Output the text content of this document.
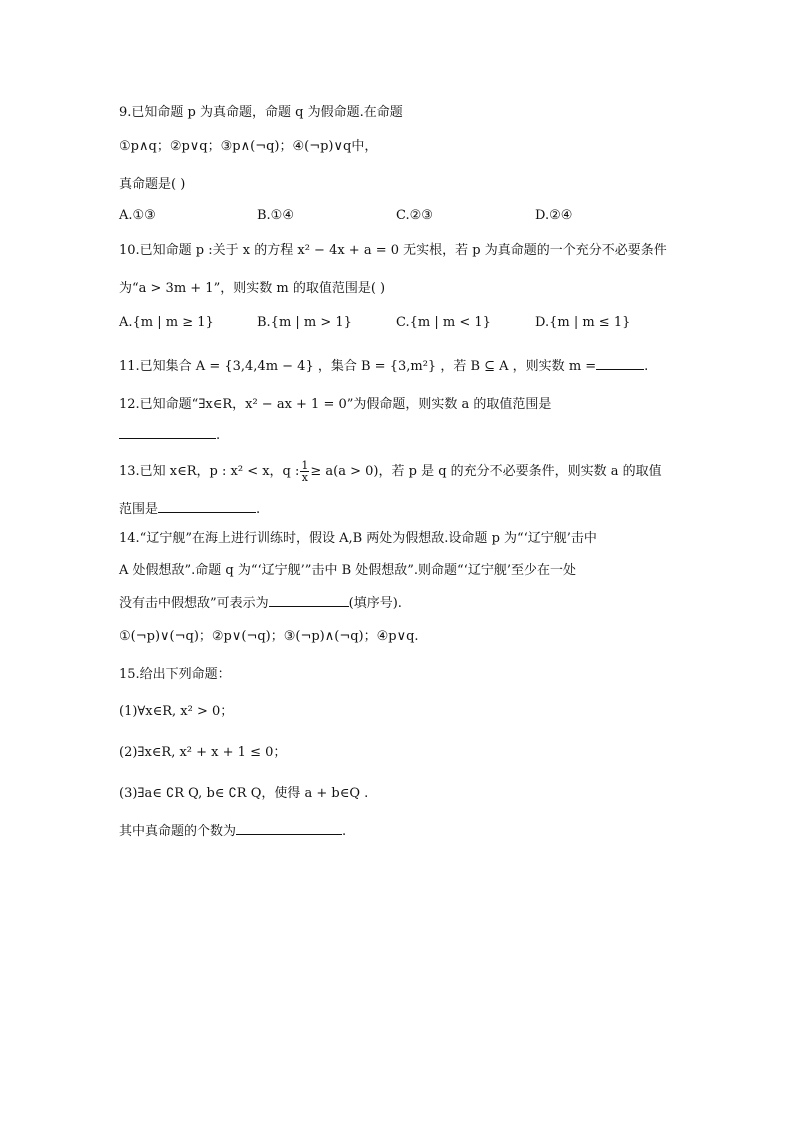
9.已知命题 p 为真命题，命题 q 为假命题.在命题
①p∧q；②p∨q；③p∧(¬q)；④(¬p)∨q中，
真命题是( )
A.①③	B.①④	C.②③	D.②④
10.已知命题 p :关于 x 的方程 x² − 4x + a = 0 无实根，若 p 为真命题的一个充分不必要条件
为“a > 3m + 1”，则实数 m 的取值范围是( )
A.{m | m ≥ 1}	B.{m | m > 1}	C.{m | m < 1}	D.{m | m ≤ 1}
11.已知集合 A = {3,4,4m − 4} ，集合 B = {3,m²} ，若 B ⊆ A ，则实数 m =	.
12.已知命题“∃x∈R，x² − ax + 1 = 0”为假命题，则实数 a 的取值范围是
.
13.已知 x∈R，p : x² < x，q : $\frac{1}{x} \ge a(a > 0)$，若 p 是 q 的充分不必要条件，则实数 a 的取值
范围是	.
14.“辽宁舰”在海上进行训练时，假设 A,B 两处为假想敌.设命题 p 为“‘辽宁舰’击中
A 处假想敌”.命题 q 为“‘辽宁舰’”击中 B 处假想敌”.则命题“‘辽宁舰’至少在一处
没有击中假想敌”可表示为	(填序号).
①(¬p)∨(¬q)；②p∨(¬q)；③(¬p)∧(¬q)；④p∨q.
15.给出下列命题：
(1)∀x∈R, x² > 0；
(2)∃x∈R, x² + x + 1 ≤ 0；
(3)∃a∈ ∁R Q, b∈ ∁R Q，使得 a + b∈Q .
其中真命题的个数为	.
